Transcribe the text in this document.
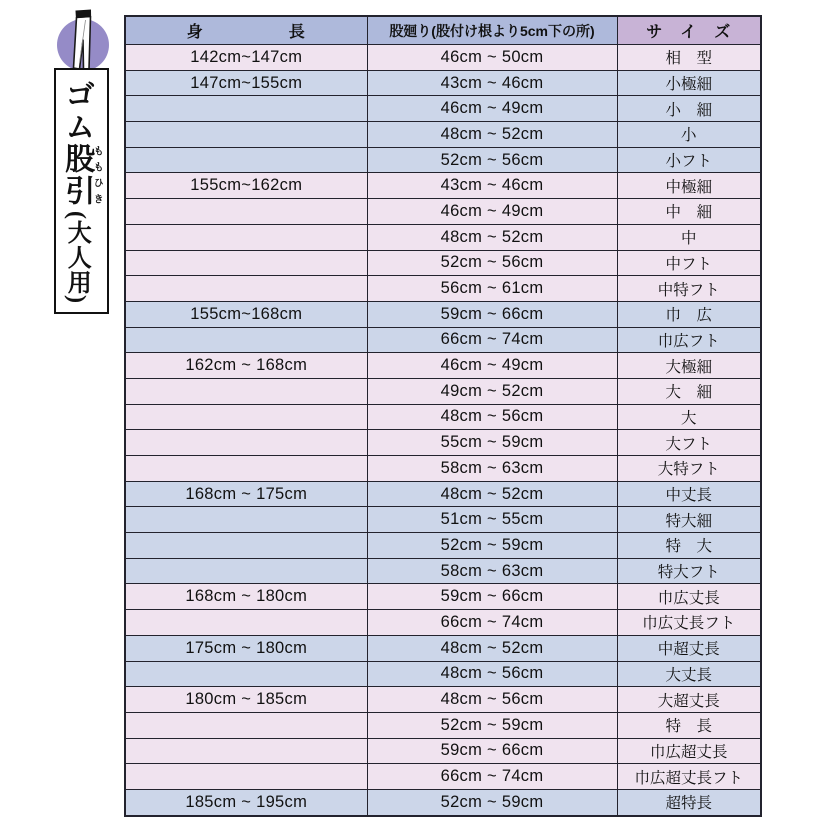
ゴム股引ももひき(大人用)
身　　　　　長	股廻り(股付け根より5cm下の所)	サ　イ　ズ
142cm~147cm	46cm ~ 50cm	相　型
147cm~155cm	43cm ~ 46cm	小極細
	46cm ~ 49cm	小　細
	48cm ~ 52cm	小
	52cm ~ 56cm	小フト
155cm~162cm	43cm ~ 46cm	中極細
	46cm ~ 49cm	中　細
	48cm ~ 52cm	中
	52cm ~ 56cm	中フト
	56cm ~ 61cm	中特フト
155cm~168cm	59cm ~ 66cm	巾　広
	66cm ~ 74cm	巾広フト
162cm ~ 168cm	46cm ~ 49cm	大極細
	49cm ~ 52cm	大　細
	48cm ~ 56cm	大
	55cm ~ 59cm	大フト
	58cm ~ 63cm	大特フト
168cm ~ 175cm	48cm ~ 52cm	中丈長
	51cm ~ 55cm	特大細
	52cm ~ 59cm	特　大
	58cm ~ 63cm	特大フト
168cm ~ 180cm	59cm ~ 66cm	巾広丈長
	66cm ~ 74cm	巾広丈長フト
175cm ~ 180cm	48cm ~ 52cm	中超丈長
	48cm ~ 56cm	大丈長
180cm ~ 185cm	48cm ~ 56cm	大超丈長
	52cm ~ 59cm	特　長
	59cm ~ 66cm	巾広超丈長
	66cm ~ 74cm	巾広超丈長フト
185cm ~ 195cm	52cm ~ 59cm	超特長
